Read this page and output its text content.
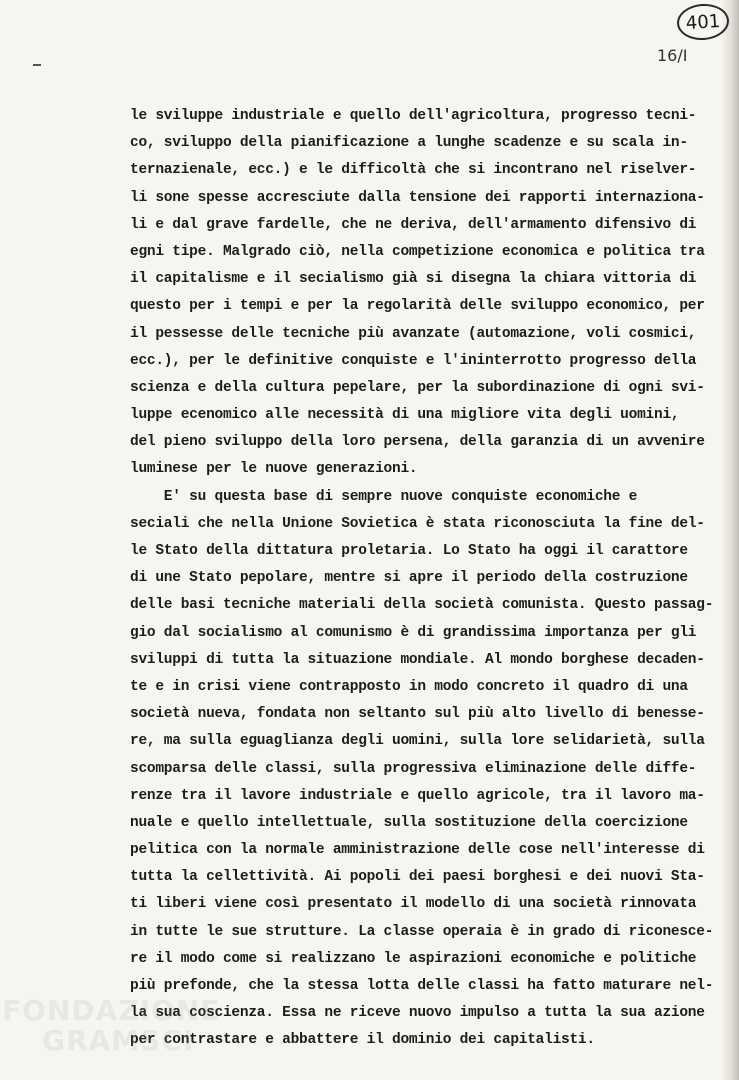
401
16/I
le sviluppe industriale e quello dell'agricoltura, progresso tecni-
co, sviluppo della pianificazione a lunghe scadenze e su scala in-
ternazienale, ecc.) e le difficoltà che si incontrano nel riselver-
li sone spesse accresciute dalla tensione dei rapporti internaziona-
li e dal grave fardelle, che ne deriva, dell'armamento difensivo di
egni tipe. Malgrado ciò, nella competizione economica e politica tra
il capitalisme e il secialismo già si disegna la chiara vittoria di
questo per i tempi e per la regolarità delle sviluppo economico, per
il pessesse delle tecniche più avanzate (automazione, voli cosmici,
ecc.), per le definitive conquiste e l'ininterrotto progresso della
scienza e della cultura pepelare, per la subordinazione di ogni svi-
luppe ecenomico alle necessità di una migliore vita degli uomini,
del pieno sviluppo della loro persena, della garanzia di un avvenire
luminese per le nuove generazioni.
E' su questa base di sempre nuove conquiste economiche e
seciali che nella Unione Sovietica è stata riconosciuta la fine del-
le Stato della dittatura proletaria. Lo Stato ha oggi il carattore
di une Stato pepolare, mentre si apre il periodo della costruzione
delle basi tecniche materiali della società comunista. Questo passag-
gio dal socialismo al comunismo è di grandissima importanza per gli
sviluppi di tutta la situazione mondiale. Al mondo borghese decaden-
te e in crisi viene contrapposto in modo concreto il quadro di una
società nueva, fondata non seltanto sul più alto livello di benesse-
re, ma sulla eguaglianza degli uomini, sulla lore selidarietà, sulla
scomparsa delle classi, sulla progressiva eliminazione delle diffe-
renze tra il lavore industriale e quello agricole, tra il lavoro ma-
nuale e quello intellettuale, sulla sostituzione della coercizione
pelitica con la normale amministrazione delle cose nell'interesse di
tutta la cellettività. Ai popoli dei paesi borghesi e dei nuovi Sta-
ti liberi viene così presentato il modello di una società rinnovata
in tutte le sue strutture. La classe operaia è in grado di riconesce-
re il modo come si realizzano le aspirazioni economiche e politiche
più prefonde, che la stessa lotta delle classi ha fatto maturare nel-
la sua coscienza. Essa ne riceve nuovo impulso a tutta la sua azione
per contrastare e abbattere il dominio dei capitalisti.
FONDAZIONE
GRAMSCI
